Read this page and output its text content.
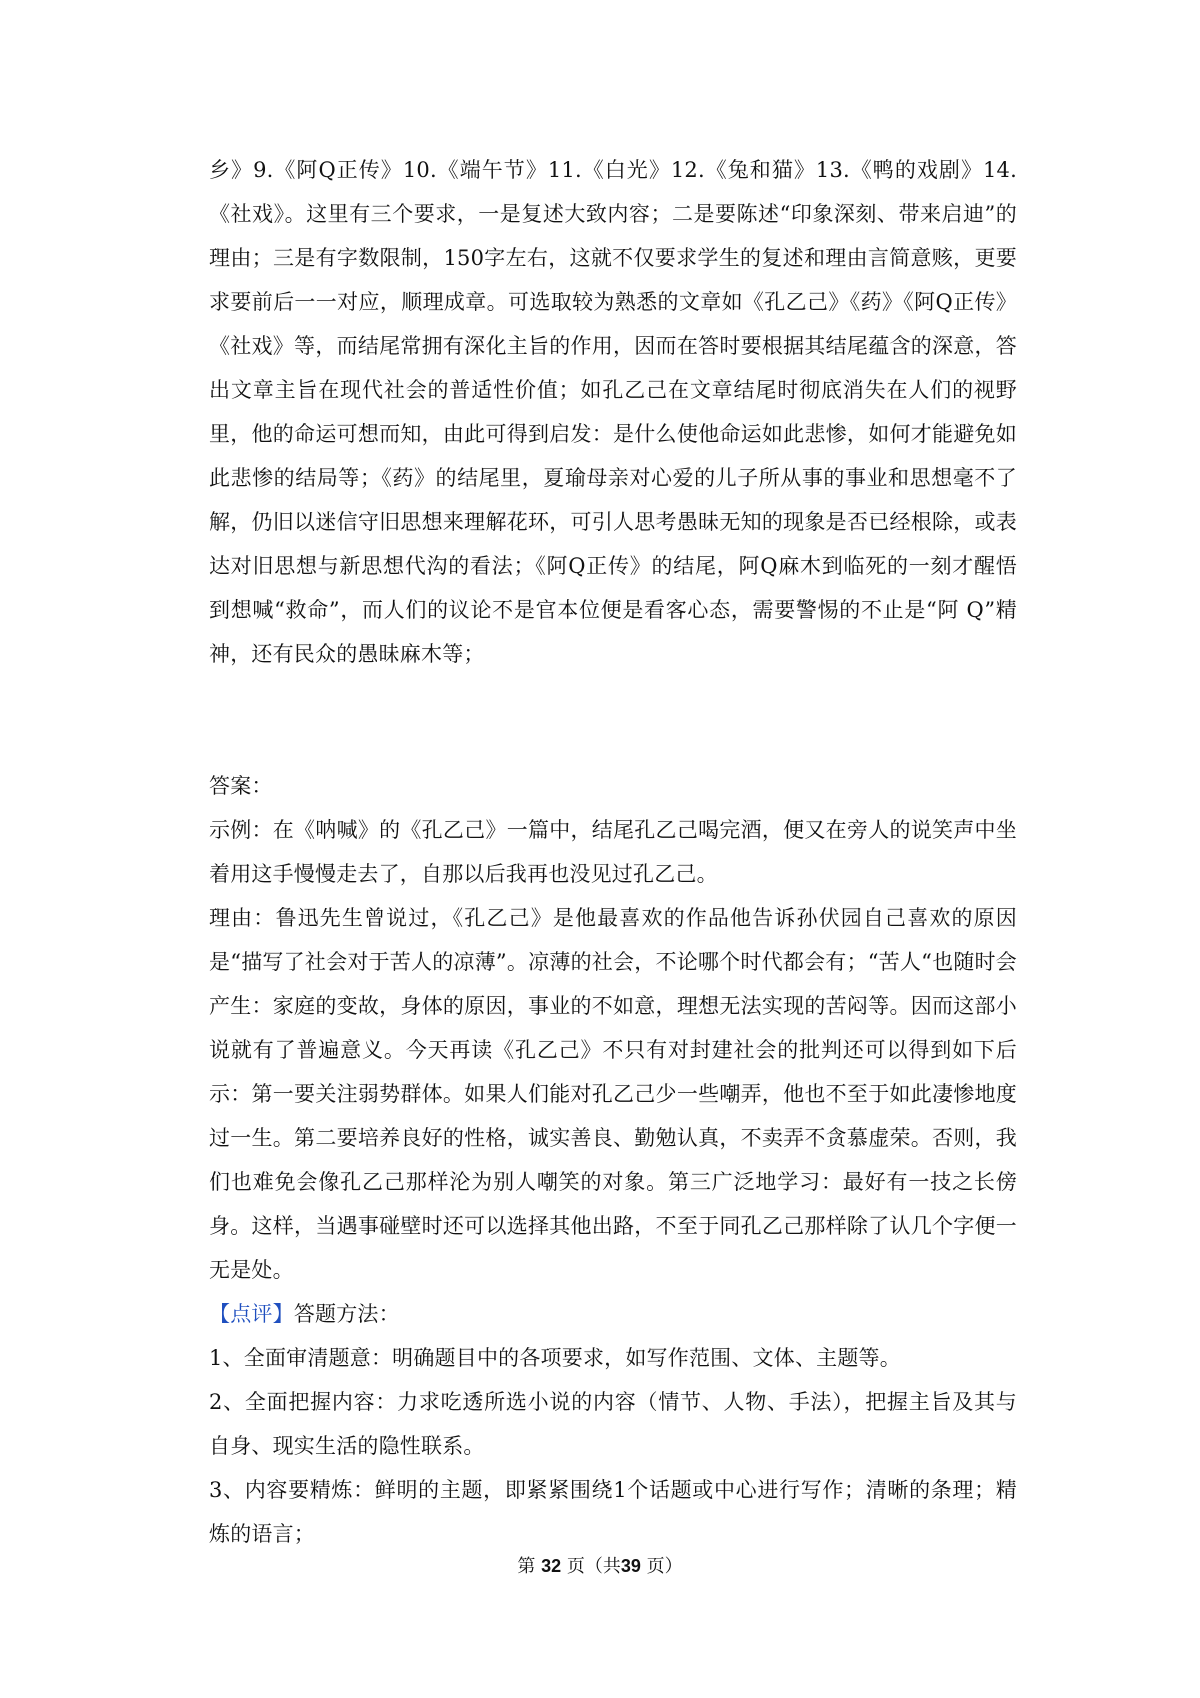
乡》9.《阿Q正传》10.《端午节》11.《白光》12.《兔和猫》13.《鸭的戏剧》14.《社戏》。这里有三个要求，一是复述大致内容；二是要陈述“印象深刻、带来启迪”的理由；三是有字数限制，150字左右，这就不仅要求学生的复述和理由言简意赅，更要求要前后一一对应，顺理成章。可选取较为熟悉的文章如《孔乙己》《药》《阿Q正传》《社戏》等，而结尾常拥有深化主旨的作用，因而在答时要根据其结尾蕴含的深意，答出文章主旨在现代社会的普适性价值；如孔乙己在文章结尾时彻底消失在人们的视野里，他的命运可想而知，由此可得到启发：是什么使他命运如此悲惨，如何才能避免如此悲惨的结局等；《药》的结尾里，夏瑜母亲对心爱的儿子所从事的事业和思想毫不了解，仍旧以迷信守旧思想来理解花环，可引人思考愚昧无知的现象是否已经根除，或表达对旧思想与新思想代沟的看法；《阿Q正传》的结尾，阿Q麻木到临死的一刻才醒悟到想喊“救命”，而人们的议论不是官本位便是看客心态，需要警惕的不止是“阿 Q”精神，还有民众的愚昧麻木等；

答案：

示例：在《呐喊》的《孔乙己》一篇中，结尾孔乙己喝完酒，便又在旁人的说笑声中坐着用这手慢慢走去了，自那以后我再也没见过孔乙己。

理由：鲁迅先生曾说过，《孔乙己》是他最喜欢的作品他告诉孙伏园自己喜欢的原因是“描写了社会对于苦人的凉薄”。凉薄的社会，不论哪个时代都会有；“苦人“也随时会产生：家庭的变故，身体的原因，事业的不如意，理想无法实现的苦闷等。因而这部小说就有了普遍意义。今天再读《孔乙己》不只有对封建社会的批判还可以得到如下后示：第一要关注弱势群体。如果人们能对孔乙己少一些嘲弄，他也不至于如此凄惨地度过一生。第二要培养良好的性格，诚实善良、勤勉认真，不卖弄不贪慕虚荣。否则，我们也难免会像孔乙己那样沦为别人嘲笑的对象。第三广泛地学习：最好有一技之长傍身。这样，当遇事碰壁时还可以选择其他出路，不至于同孔乙己那样除了认几个字便一无是处。

【点评】答题方法：

1、全面审清题意：明确题目中的各项要求，如写作范围、文体、主题等。

2、全面把握内容：力求吃透所选小说的内容（情节、人物、手法），把握主旨及其与自身、现实生活的隐性联系。

3、内容要精炼：鲜明的主题，即紧紧围绕1个话题或中心进行写作；清晰的条理；精炼的语言；

第 32 页（共39 页）
